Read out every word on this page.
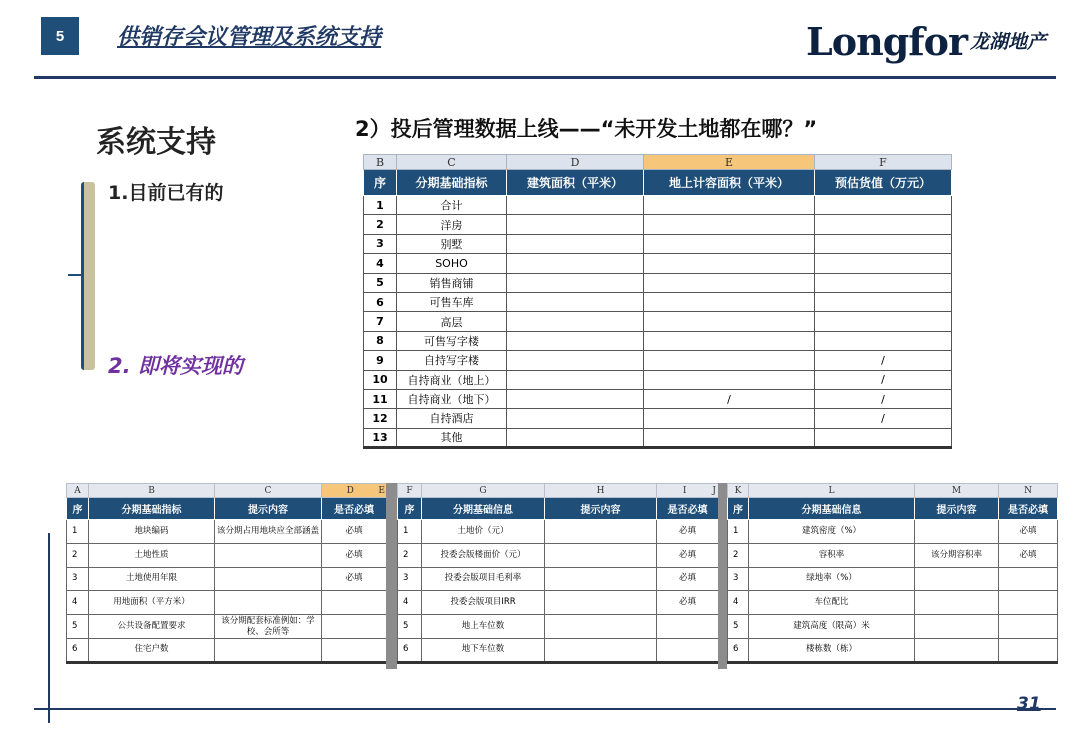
5 供销存会议管理及系统支持	Longfor 龙湖地产
系统支持
1.目前已有的
2. 即将实现的
2）投后管理数据上线——“未开发土地都在哪？”
B	C	D	E	F
序	分期基础指标	建筑面积（平米）	地上计容面积（平米）	预估货值（万元）
1	合计			
2	洋房			
3	别墅			
4	SOHO			
5	销售商铺			
6	可售车库			
7	高层			
8	可售写字楼			
9	自持写字楼			/
10	自持商业（地上）			/
11	自持商业（地下）		/	/
12	自持酒店			/
13	其他			
A	B	C	D E

序	分期基础指标	提示内容	是否必填
1	地块编码	该分期占用地块应全部涵盖	必填
2	土地性质		必填
3	土地使用年限		必填
4	用地面积（平方米）		
5	公共设备配置要求	该分期配套标准例如：学校、会所等	
6	住宅户数		
F	G	H	I J

序	分期基础信息	提示内容	是否必填
1	土地价（元）		必填
2	投委会版楼面价（元）		必填
3	投委会版项目毛利率		必填
4	投委会版项目IRR		必填
5	地上车位数		
6	地下车位数		
K	L	M	N
序	分期基础信息	提示内容	是否必填
1	建筑密度（%）		必填
2	容积率	该分期容积率	必填
3	绿地率（%）		
4	车位配比		
5	建筑高度（限高）米		
6	楼栋数（栋）		
31
